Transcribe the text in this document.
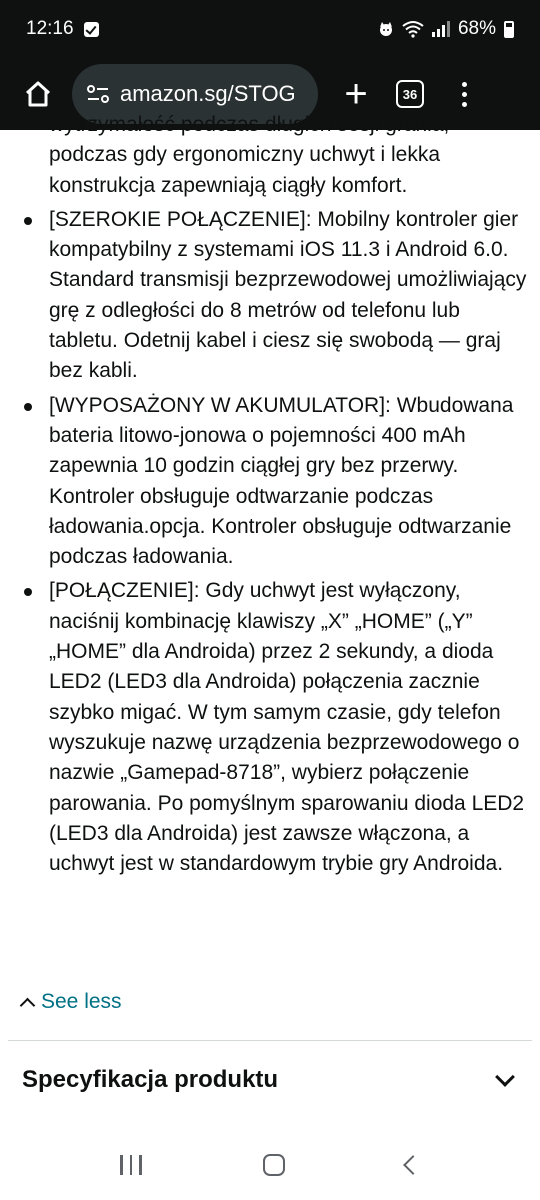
12:16	68%
amazon.sg/STOG +	36
wytrzymałość podczas długich sesji grania, podczas gdy ergonomiczny uchwyt i lekka konstrukcja zapewniają ciągły komfort.
[SZEROKIE POŁĄCZENIE]: Mobilny kontroler gier kompatybilny z systemami iOS 11.3 i Android 6.0. Standard transmisji bezprzewodowej umożliwiający grę z odległości do 8 metrów od telefonu lub tabletu. Odetnij kabel i ciesz się swobodą — graj bez kabli.
[WYPOSAŻONY W AKUMULATOR]: Wbudowana bateria litowo-jonowa o pojemności 400 mAh zapewnia 10 godzin ciągłej gry bez przerwy. Kontroler obsługuje odtwarzanie podczas ładowania.opcja. Kontroler obsługuje odtwarzanie podczas ładowania.
[POŁĄCZENIE]: Gdy uchwyt jest wyłączony, naciśnij kombinację klawiszy „X” „HOME” („Y” „HOME” dla Androida) przez 2 sekundy, a dioda LED2 (LED3 dla Androida) połączenia zacznie szybko migać. W tym samym czasie, gdy telefon wyszukuje nazwę urządzenia bezprzewodowego o nazwie „Gamepad-8718”, wybierz połączenie parowania. Po pomyślnym sparowaniu dioda LED2 (LED3 dla Androida) jest zawsze włączona, a uchwyt jest w standardowym trybie gry Androida.
See less
Specyfikacja produktu
